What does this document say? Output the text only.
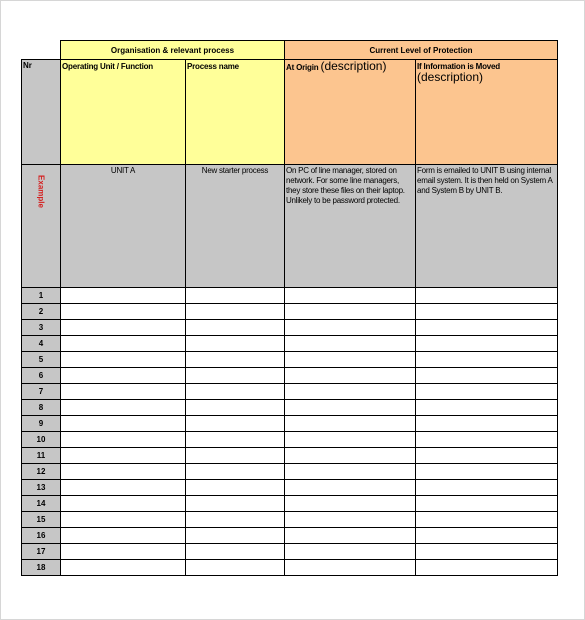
	Organisation & relevant process		Current Level of Protection	
Nr	Operating Unit / Function	Process name	At Origin (description)	If Information is Moved
(description)

Example	UNIT A	New starter process	On PC of line manager, stored on network. For some line managers, they store these files on their laptop. Unlikely to be password protected.	Form is emailed to UNIT B using internal email system. It is then held on System A and System B by UNIT B.
1				
2				
3				
4				
5				
6				
7				
8				
9				
10				
11				
12				
13				
14				
15				
16				
17				
18				
